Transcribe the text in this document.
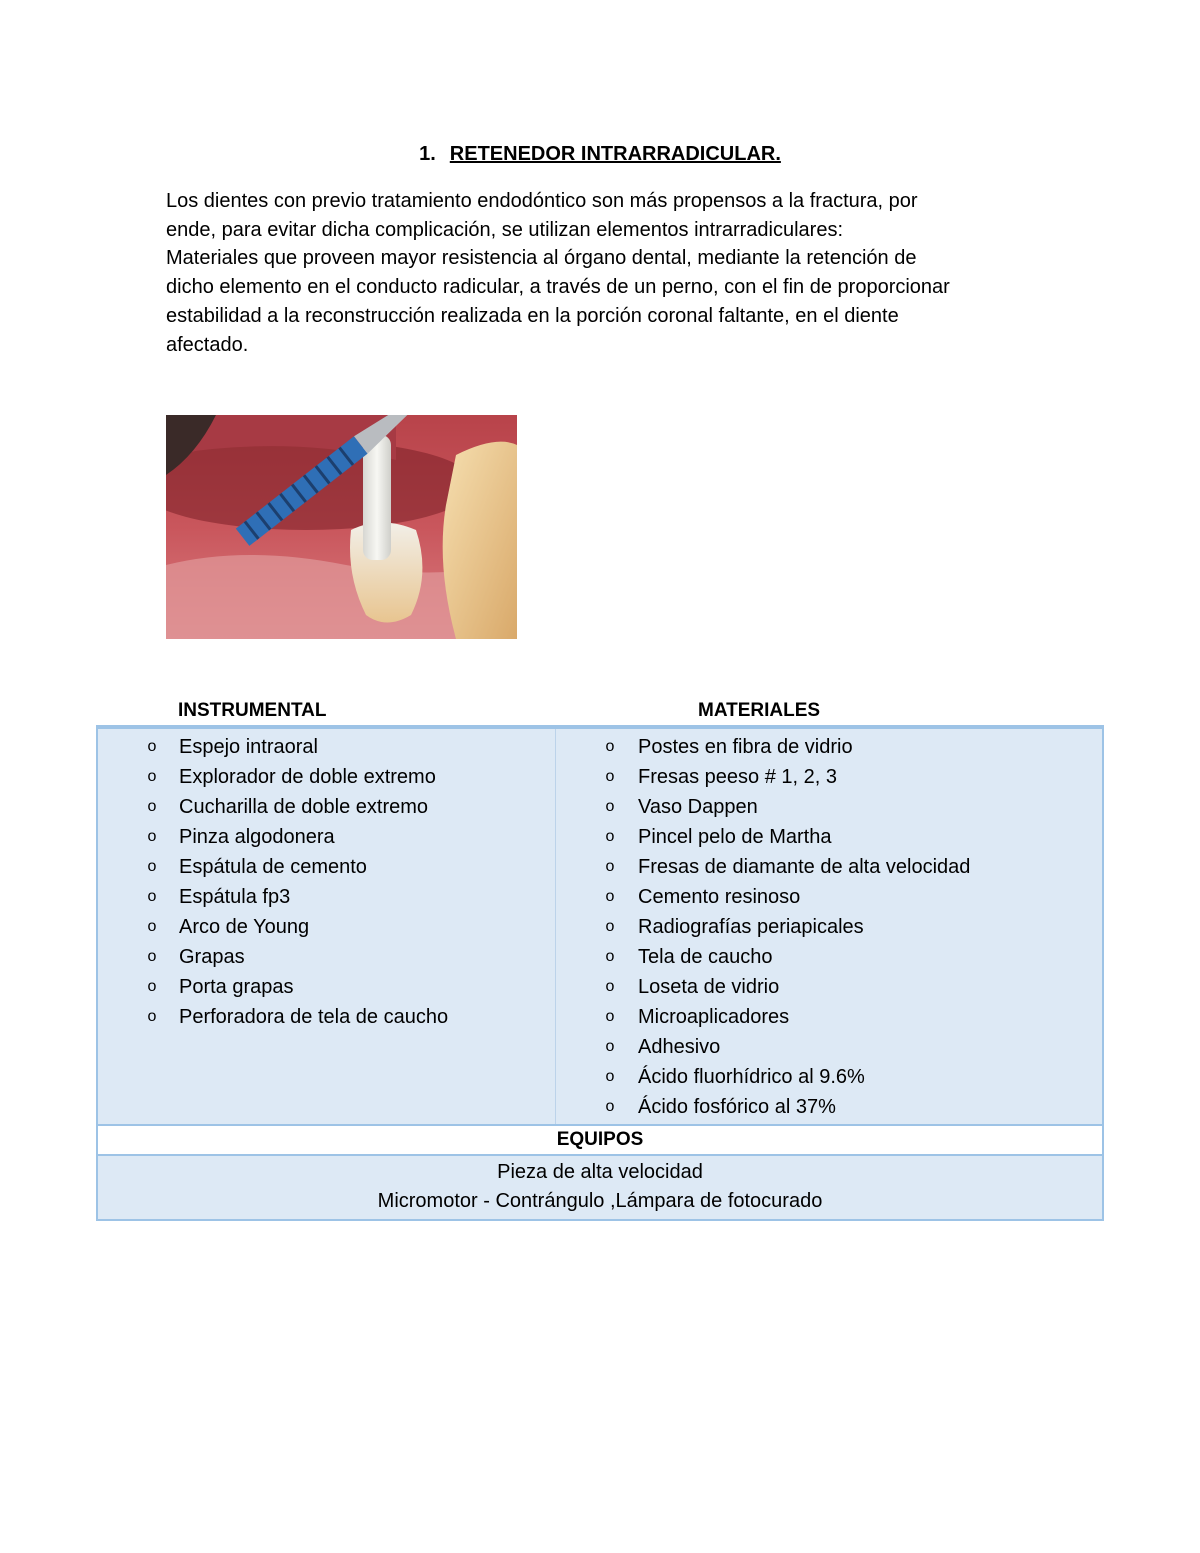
1. RETENEDOR INTRARRADICULAR.

Los dientes con previo tratamiento endodóntico son más propensos a la fractura, por

ende, para evitar dicha complicación, se utilizan elementos intrarradiculares:

Materiales que proveen mayor resistencia al órgano dental, mediante la retención de

dicho elemento en el conducto radicular, a través de un perno, con el fin de proporcionar

estabilidad a la reconstrucción realizada en la porción coronal faltante, en el diente

afectado.

INSTRUMENTAL	MATERIALES
o Espejo intraoral
o Explorador de doble extremo
o Cucharilla de doble extremo
o Pinza algodonera
o Espátula de cemento
o Espátula fp3
o Arco de Young
o Grapas
o Porta grapas
o Perforadora de tela de caucho
o Postes en fibra de vidrio
o Fresas peeso # 1, 2, 3
o Vaso Dappen
o Pincel pelo de Martha
o Fresas de diamante de alta velocidad
o Cemento resinoso
o Radiografías periapicales
o Tela de caucho
o Loseta de vidrio
o Microaplicadores
o Adhesivo
o Ácido fluorhídrico al 9.6%
o Ácido fosfórico al 37%
EQUIPOS
Pieza de alta velocidad
Micromotor - Contrángulo ,Lámpara de fotocurado
